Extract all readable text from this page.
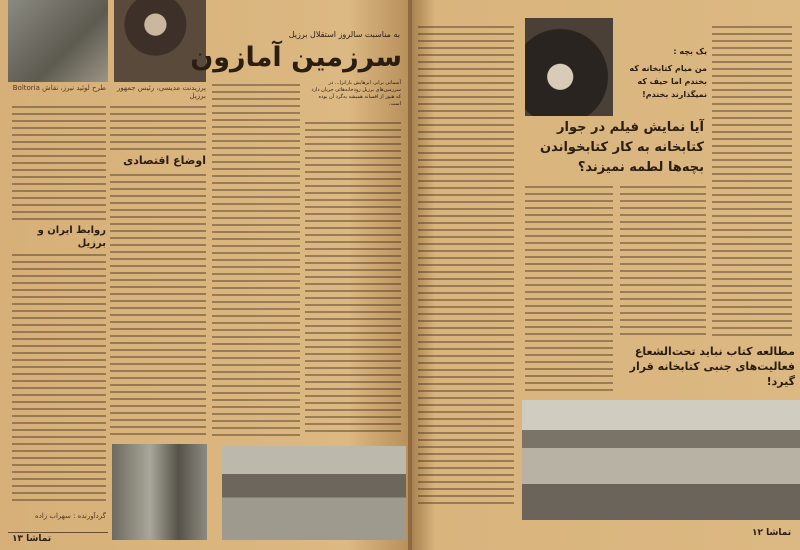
طرح لوئید نیرز، نقاش Boltoria	پرزیدنت مدیسی، رئیس جمهور برزیل
به مناسبت سالروز استقلال برزیل
سرزمین آمازون
آسمانی برابر، ابرهایش بارانزا... در سرزمین‌های برزیل رودخانه‌هائی جریان دارد که هنوز از افسانه همیشه به‌گرد آن بوده است.
اوضاع اقتصادی
روابط ایران و برزیل
گردآورنده : سهراب زاده
تماشا ۱۳
یک بچه :
من میام کتابخانه که بخندم اما حیف که نمیگذارند بخندم!
آیا نمایش فیلم در جوار کتابخانه به کار کتابخواندن بچه‌ها لطمه نمیزند؟
مطالعه کتاب نباید تحت‌الشعاع فعالیت‌های جنبی کتابخانه قرار گیرد!
تماشا ۱۲
